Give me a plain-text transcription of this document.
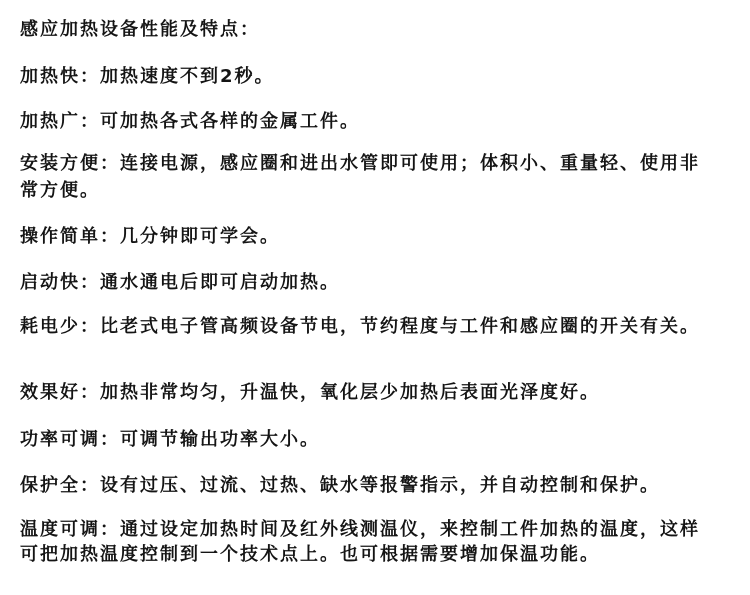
感应加热设备性能及特点：
加热快：加热速度不到2秒。
加热广：可加热各式各样的金属工件。
安装方便：连接电源，感应圈和进出水管即可使用；体积小、重量轻、使用非
常方便。
操作简单：几分钟即可学会。
启动快：通水通电后即可启动加热。
耗电少：比老式电子管高频设备节电，节约程度与工件和感应圈的开关有关。
效果好：加热非常均匀，升温快，氧化层少加热后表面光泽度好。
功率可调：可调节输出功率大小。
保护全：设有过压、过流、过热、缺水等报警指示，并自动控制和保护。
温度可调：通过设定加热时间及红外线测温仪，来控制工件加热的温度，这样
可把加热温度控制到一个技术点上。也可根据需要增加保温功能。
